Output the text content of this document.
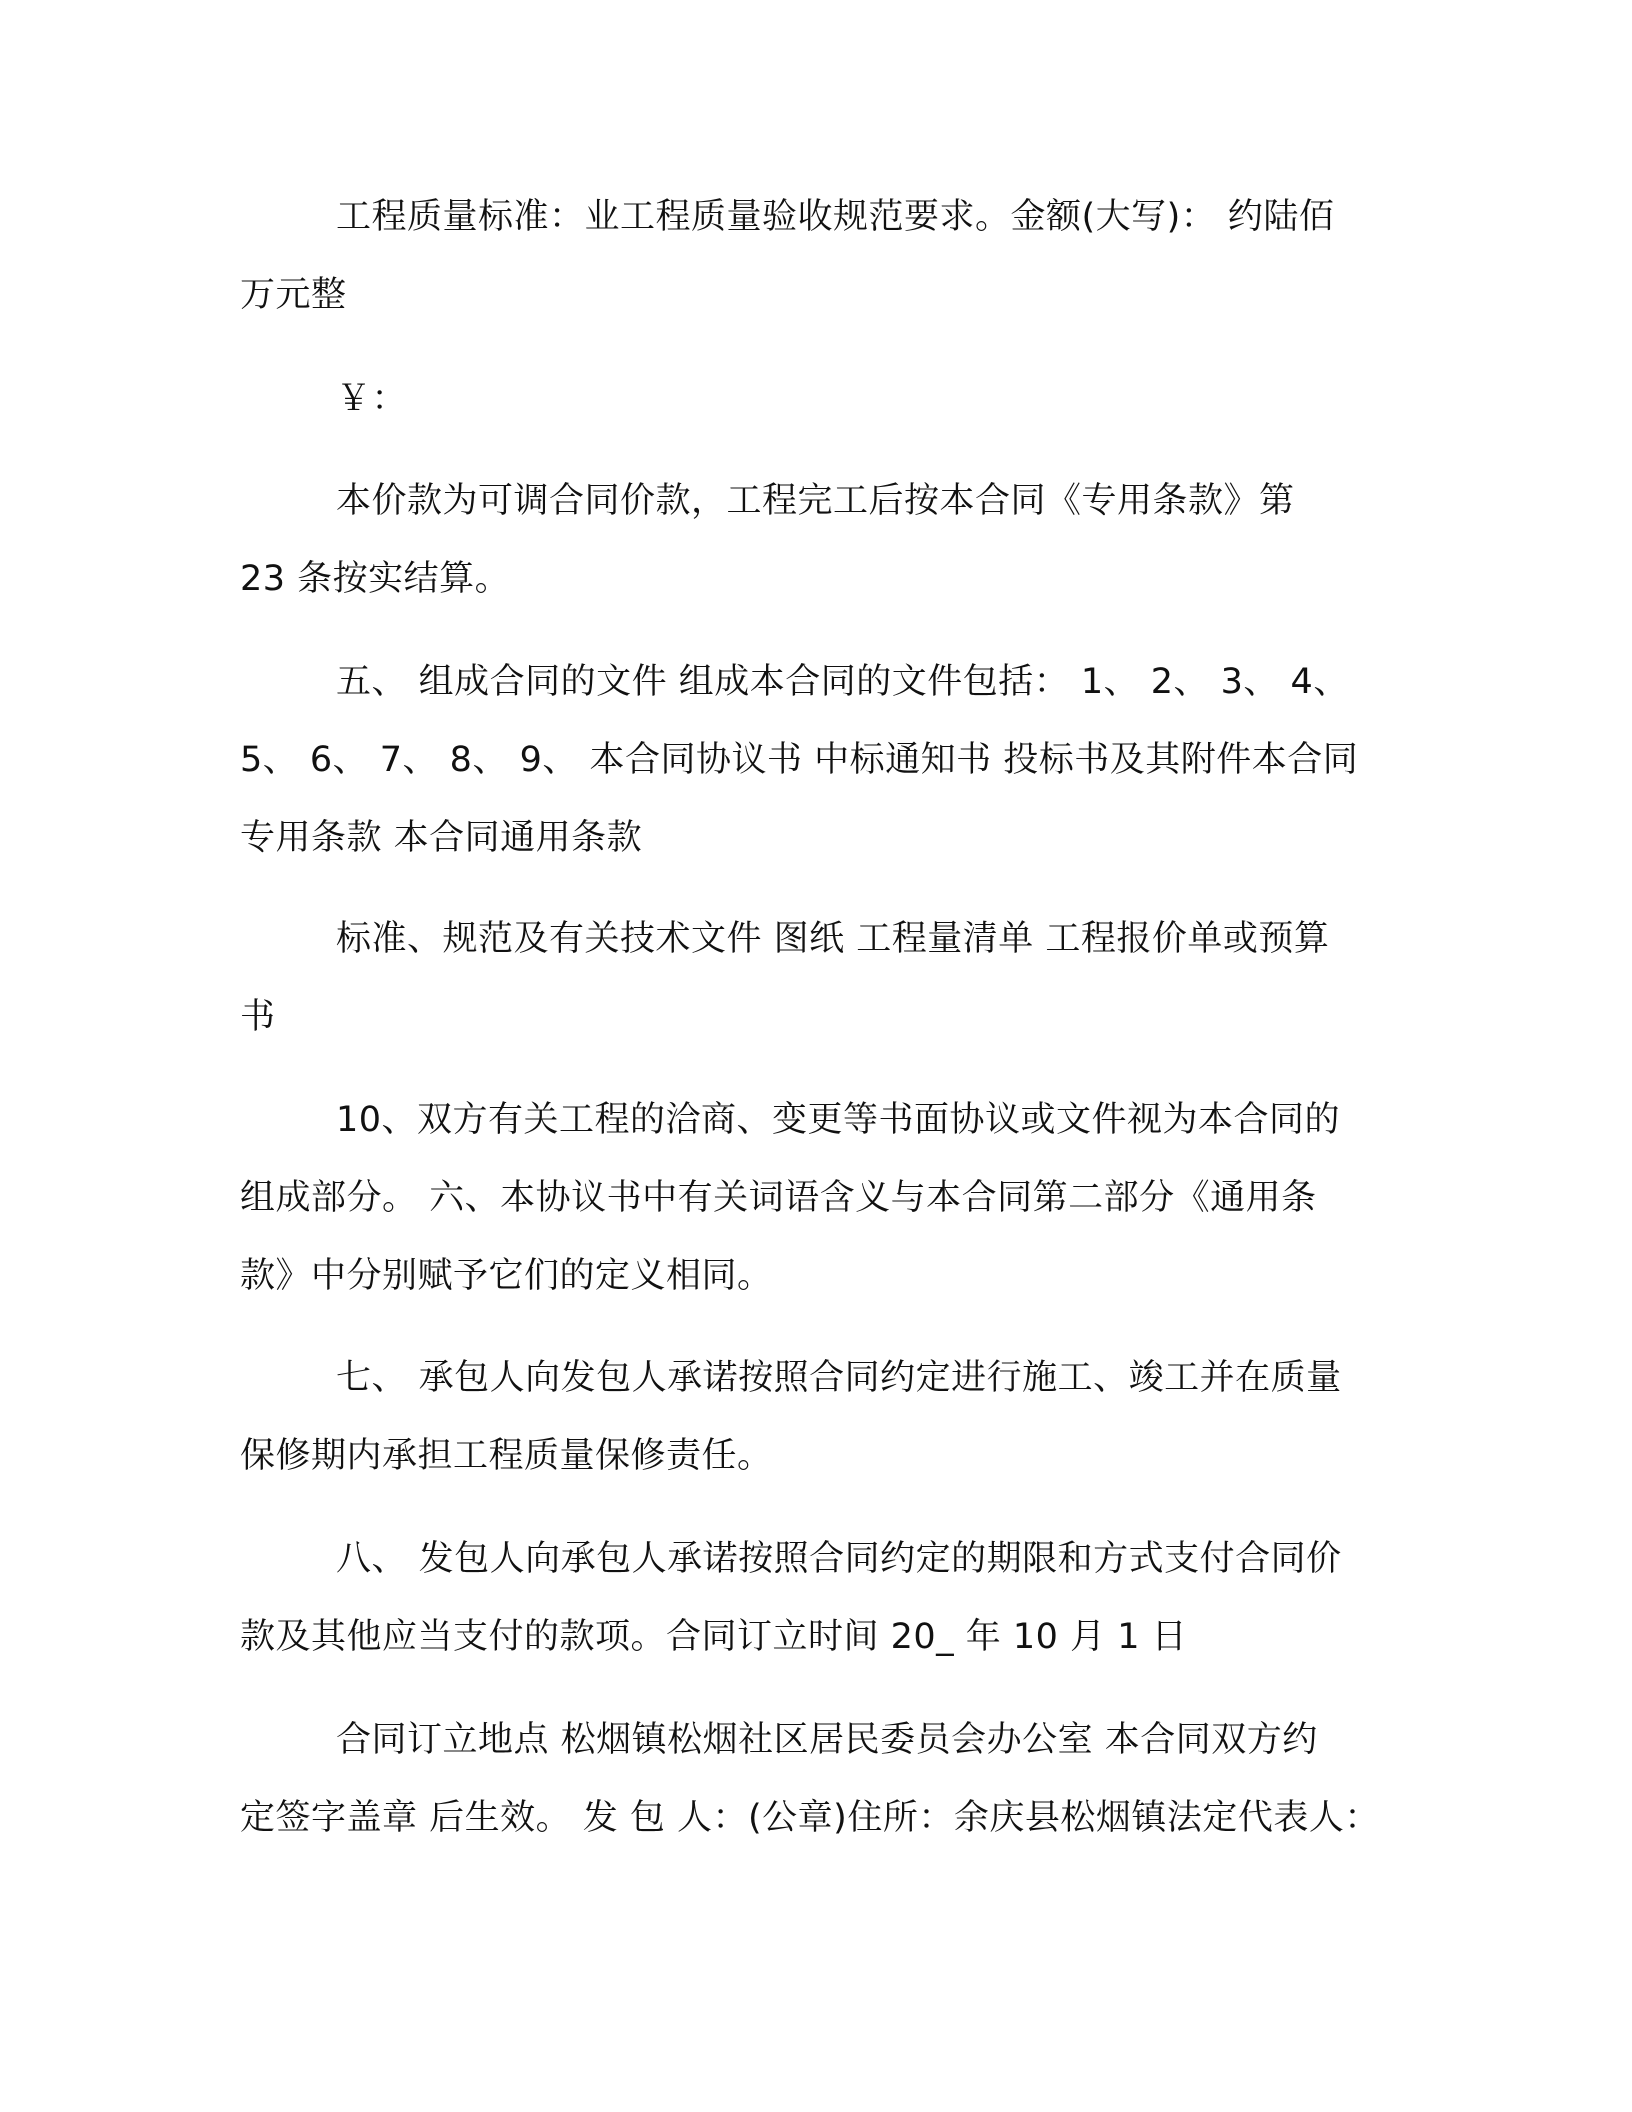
工程质量标准：业工程质量验收规范要求。金额(大写)： 约陆佰
万元整
￥：
本价款为可调合同价款，工程完工后按本合同《专用条款》第
23 条按实结算。
五、 组成合同的文件 组成本合同的文件包括： 1、 2、 3、 4、
5、 6、 7、 8、 9、 本合同协议书 中标通知书 投标书及其附件本合同
专用条款 本合同通用条款
标准、规范及有关技术文件 图纸 工程量清单 工程报价单或预算
书
10、双方有关工程的洽商、变更等书面协议或文件视为本合同的
组成部分。 六、本协议书中有关词语含义与本合同第二部分《通用条
款》中分别赋予它们的定义相同。
七、 承包人向发包人承诺按照合同约定进行施工、竣工并在质量
保修期内承担工程质量保修责任。
八、 发包人向承包人承诺按照合同约定的期限和方式支付合同价
款及其他应当支付的款项。合同订立时间 20_ 年 10 月 1 日
合同订立地点 松烟镇松烟社区居民委员会办公室 本合同双方约
定签字盖章 后生效。 发 包 人：(公章)住所：余庆县松烟镇法定代表人：
